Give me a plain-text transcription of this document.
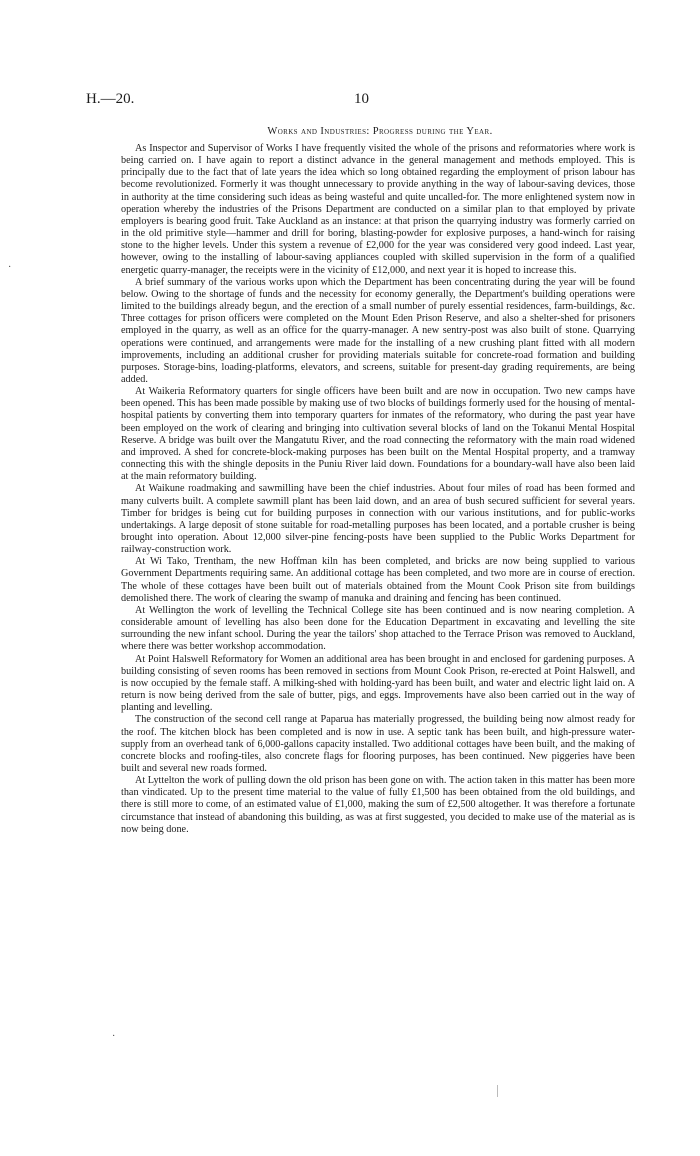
H.—20.	10
Works and Industries: Progress during the Year.

As Inspector and Supervisor of Works I have frequently visited the whole of the prisons and reformatories where work is being carried on. I have again to report a distinct advance in the general management and methods employed. This is principally due to the fact that of late years the idea which so long obtained regarding the employment of prison labour has become revolutionized. Formerly it was thought unnecessary to provide anything in the way of labour-saving devices, those in authority at the time considering such ideas as being wasteful and quite uncalled-for. The more enlightened system now in operation whereby the industries of the Prisons Department are conducted on a similar plan to that employed by private employers is bearing good fruit. Take Auckland as an instance: at that prison the quarrying industry was formerly carried on in the old primitive style—hammer and drill for boring, blasting-powder for explosive purposes, a hand-winch for raising stone to the higher levels. Under this system a revenue of £2,000 for the year was considered very good indeed. Last year, however, owing to the installing of labour-saving appliances coupled with skilled supervision in the form of a qualified energetic quarry-manager, the receipts were in the vicinity of £12,000, and next year it is hoped to increase this.

A brief summary of the various works upon which the Department has been concentrating during the year will be found below. Owing to the shortage of funds and the necessity for economy generally, the Department's building operations were limited to the buildings already begun, and the erection of a small number of purely essential residences, farm-buildings, &c. Three cottages for prison officers were completed on the Mount Eden Prison Reserve, and also a shelter-shed for prisoners employed in the quarry, as well as an office for the quarry-manager. A new sentry-post was also built of stone. Quarrying operations were continued, and arrangements were made for the installing of a new crushing plant fitted with all modern improvements, including an additional crusher for providing materials suitable for concrete-road formation and building purposes. Storage-bins, loading-platforms, elevators, and screens, suitable for present-day grading requirements, are being added.

At Waikeria Reformatory quarters for single officers have been built and are now in occupation. Two new camps have been opened. This has been made possible by making use of two blocks of buildings formerly used for the housing of mental-hospital patients by converting them into temporary quarters for inmates of the reformatory, who during the past year have been employed on the work of clearing and bringing into cultivation several blocks of land on the Tokanui Mental Hospital Reserve. A bridge was built over the Mangatutu River, and the road connecting the reformatory with the main road widened and improved. A shed for concrete-block-making purposes has been built on the Mental Hospital property, and a tramway connecting this with the shingle deposits in the Puniu River laid down. Foundations for a boundary-wall have also been laid at the main reformatory building.

At Waikune roadmaking and sawmilling have been the chief industries. About four miles of road has been formed and many culverts built. A complete sawmill plant has been laid down, and an area of bush secured sufficient for several years. Timber for bridges is being cut for building purposes in connection with our various institutions, and for public-works undertakings. A large deposit of stone suitable for road-metalling purposes has been located, and a portable crusher is being brought into operation. About 12,000 silver-pine fencing-posts have been supplied to the Public Works Department for railway-construction work.

At Wi Tako, Trentham, the new Hoffman kiln has been completed, and bricks are now being supplied to various Government Departments requiring same. An additional cottage has been completed, and two more are in course of erection. The whole of these cottages have been built out of materials obtained from the Mount Cook Prison site from buildings demolished there. The work of clearing the swamp of manuka and draining and fencing has been continued.

At Wellington the work of levelling the Technical College site has been continued and is now nearing completion. A considerable amount of levelling has also been done for the Education Department in excavating and levelling the site surrounding the new infant school. During the year the tailors' shop attached to the Terrace Prison was removed to Auckland, where there was better workshop accommodation.

At Point Halswell Reformatory for Women an additional area has been brought in and enclosed for gardening purposes. A building consisting of seven rooms has been removed in sections from Mount Cook Prison, re-erected at Point Halswell, and is now occupied by the female staff. A milking-shed with holding-yard has been built, and water and electric light laid on. A return is now being derived from the sale of butter, pigs, and eggs. Improvements have also been carried out in the way of planting and levelling.

The construction of the second cell range at Paparua has materially progressed, the building being now almost ready for the roof. The kitchen block has been completed and is now in use. A septic tank has been built, and high-pressure water-supply from an overhead tank of 6,000-gallons capacity installed. Two additional cottages have been built, and the making of concrete blocks and roofing-tiles, also concrete flags for flooring purposes, has been continued. New piggeries have been built and several new roads formed.

At Lyttelton the work of pulling down the old prison has been gone on with. The action taken in this matter has been more than vindicated. Up to the present time material to the value of fully £1,500 has been obtained from the old buildings, and there is still more to come, of an estimated value of £1,000, making the sum of £2,500 altogether. It was therefore a fortunate circumstance that instead of abandoning this building, as was at first suggested, you decided to make use of the material as is now being done.

·
·
